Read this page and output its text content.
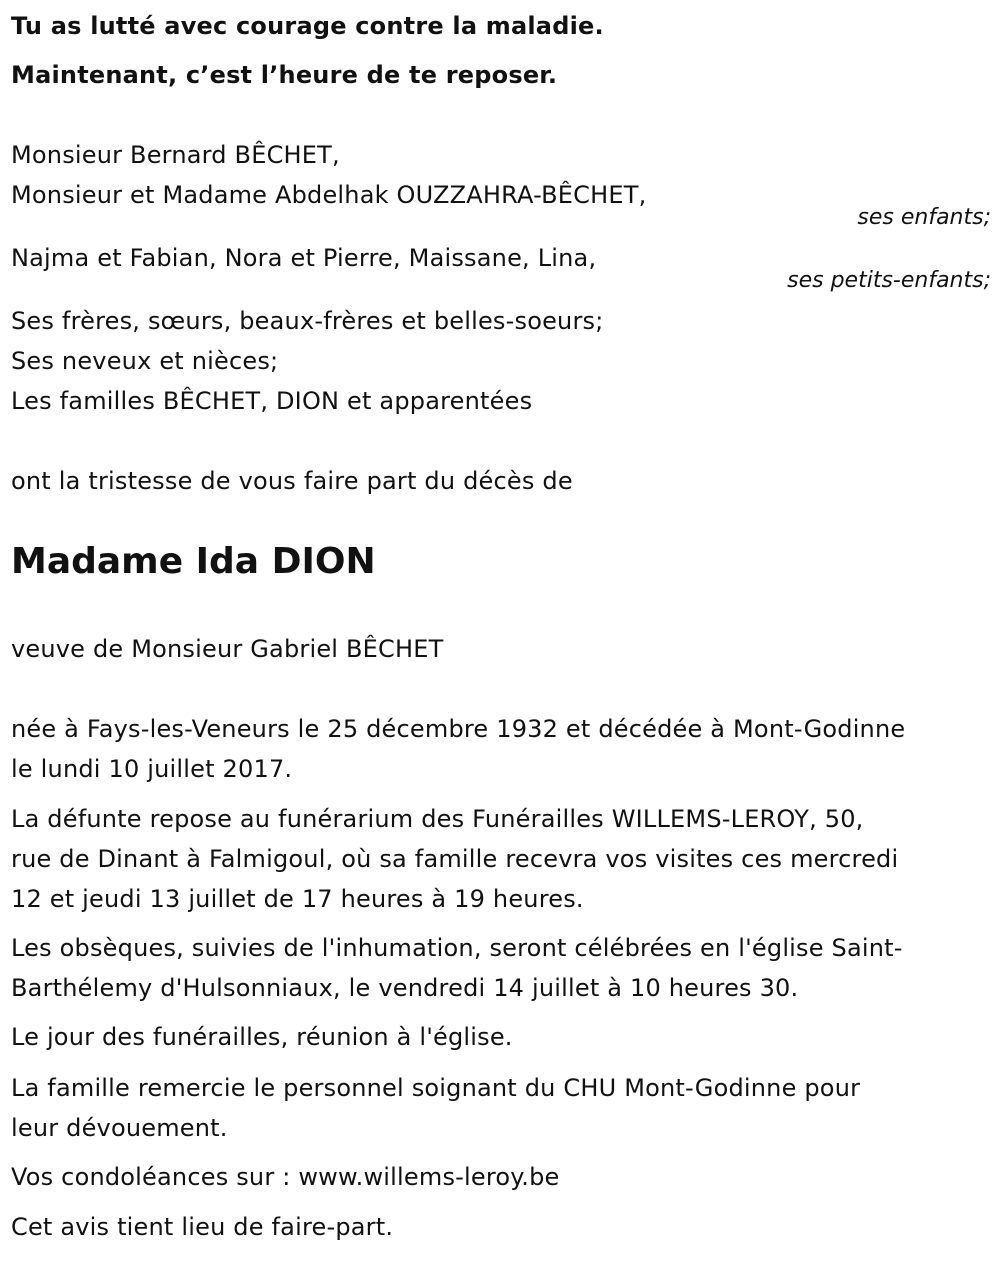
Tu as lutté avec courage contre la maladie.
Maintenant, c’est l’heure de te reposer.
Monsieur Bernard BÊCHET,
Monsieur et Madame Abdelhak OUZZAHRA-BÊCHET,
ses enfants;
Najma et Fabian, Nora et Pierre, Maissane, Lina,
ses petits-enfants;
Ses frères, sœurs, beaux-frères et belles-soeurs;
Ses neveux et nièces;
Les familles BÊCHET, DION et apparentées
ont la tristesse de vous faire part du décès de
Madame Ida DION
veuve de Monsieur Gabriel BÊCHET
née à Fays-les-Veneurs le 25 décembre 1932 et décédée à Mont-Godinne
le lundi 10 juillet 2017.
La défunte repose au funérarium des Funérailles WILLEMS-LEROY, 50,
rue de Dinant à Falmigoul, où sa famille recevra vos visites ces mercredi
12 et jeudi 13 juillet de 17 heures à 19 heures.
Les obsèques, suivies de l'inhumation, seront célébrées en l'église Saint-
Barthélemy d'Hulsonniaux, le vendredi 14 juillet à 10 heures 30.
Le jour des funérailles, réunion à l'église.
La famille remercie le personnel soignant du CHU Mont-Godinne pour
leur dévouement.
Vos condoléances sur : www.willems-leroy.be
Cet avis tient lieu de faire-part.
